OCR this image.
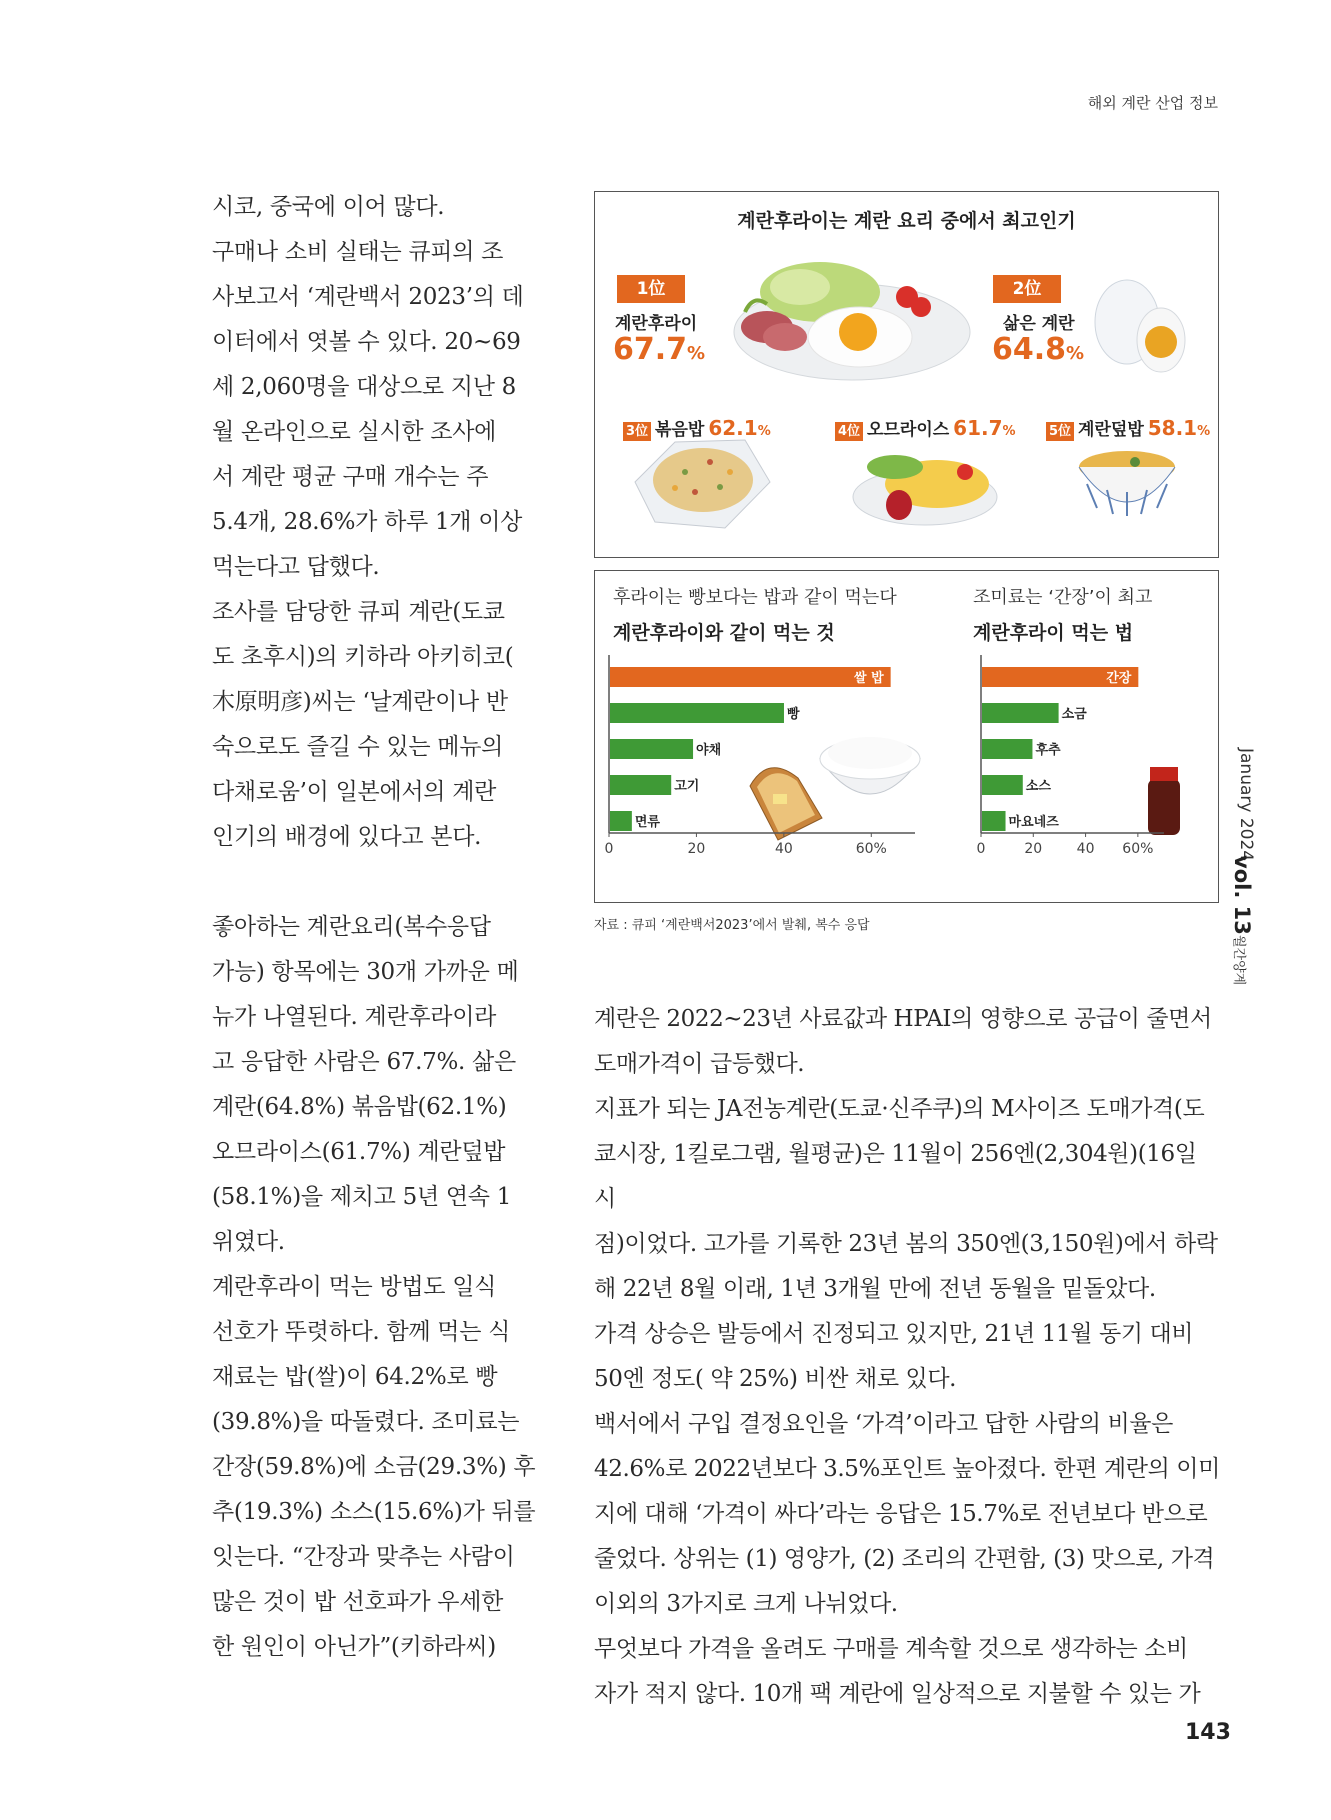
해외 계란 산업 정보

시코, 중국에 이어 많다.

구매나 소비 실태는 큐피의 조

사보고서 ‘계란백서 2023’의 데

이터에서 엿볼 수 있다. 20~69

세 2,060명을 대상으로 지난 8

월 온라인으로 실시한 조사에

서 계란 평균 구매 개수는 주

5.4개, 28.6%가 하루 1개 이상

먹는다고 답했다.

조사를 담당한 큐피 계란(도쿄

도 초후시)의 키하라 아키히코(

木原明彦)씨는 ‘날계란이나 반

숙으로도 즐길 수 있는 메뉴의

다채로움’이 일본에서의 계란

인기의 배경에 있다고 본다.

좋아하는 계란요리(복수응답

가능) 항목에는 30개 가까운 메

뉴가 나열된다. 계란후라이라

고 응답한 사람은 67.7%. 삶은

계란(64.8%) 볶음밥(62.1%)

오므라이스(61.7%) 계란덮밥

(58.1%)을 제치고 5년 연속 1

위였다.

계란후라이 먹는 방법도 일식

선호가 뚜렷하다. 함께 먹는 식

재료는 밥(쌀)이 64.2%로 빵

(39.8%)을 따돌렸다. 조미료는

간장(59.8%)에 소금(29.3%) 후

추(19.3%) 소스(15.6%)가 뒤를

잇는다. “간장과 맞추는 사람이

많은 것이 밥 선호파가 우세한

한 원인이 아닌가”(키하라씨)

계란은 2022~23년 사료값과 HPAI의 영향으로 공급이 줄면서

도매가격이 급등했다.

지표가 되는 JA전농계란(도쿄·신주쿠)의 M사이즈 도매가격(도

쿄시장, 1킬로그램, 월평균)은 11월이 256엔(2,304원)(16일 시

점)이었다. 고가를 기록한 23년 봄의 350엔(3,150원)에서 하락

해 22년 8월 이래, 1년 3개월 만에 전년 동월을 밑돌았다.

가격 상승은 발등에서 진정되고 있지만, 21년 11월 동기 대비

50엔 정도( 약 25%) 비싼 채로 있다.

백서에서 구입 결정요인을 ‘가격’이라고 답한 사람의 비율은

42.6%로 2022년보다 3.5%포인트 높아졌다. 한편 계란의 이미

지에 대해 ‘가격이 싸다’라는 응답은 15.7%로 전년보다 반으로

줄었다. 상위는 (1) 영양가, (2) 조리의 간편함, (3) 맛으로, 가격

이외의 3가지로 크게 나뉘었다.

무엇보다 가격을 올려도 구매를 계속할 것으로 생각하는 소비

자가 적지 않다. 10개 팩 계란에 일상적으로 지불할 수 있는 가

계란후라이는 계란 요리 중에서 최고인기
1位
계란후라이
67.7%
2位
삶은 계란
64.8%
3位 볶음밥 62.1%	4位 오므라이스 61.7%	5位 계란덮밥 58.1%
후라이는 빵보다는 밥과 같이 먹는다
계란후라이와 같이 먹는 것
조미료는 ‘간장’이 최고
계란후라이 먹는 법
쌀 밥
빵
야채
고기
면류
0	20	40	60%
간장
소금
후추
소스
마요네즈
0	20 40 60%
자료 : 큐피 ‘계란백서2023’에서 발췌, 복수 응답
January 2024
vol. 13
월간양계
143
